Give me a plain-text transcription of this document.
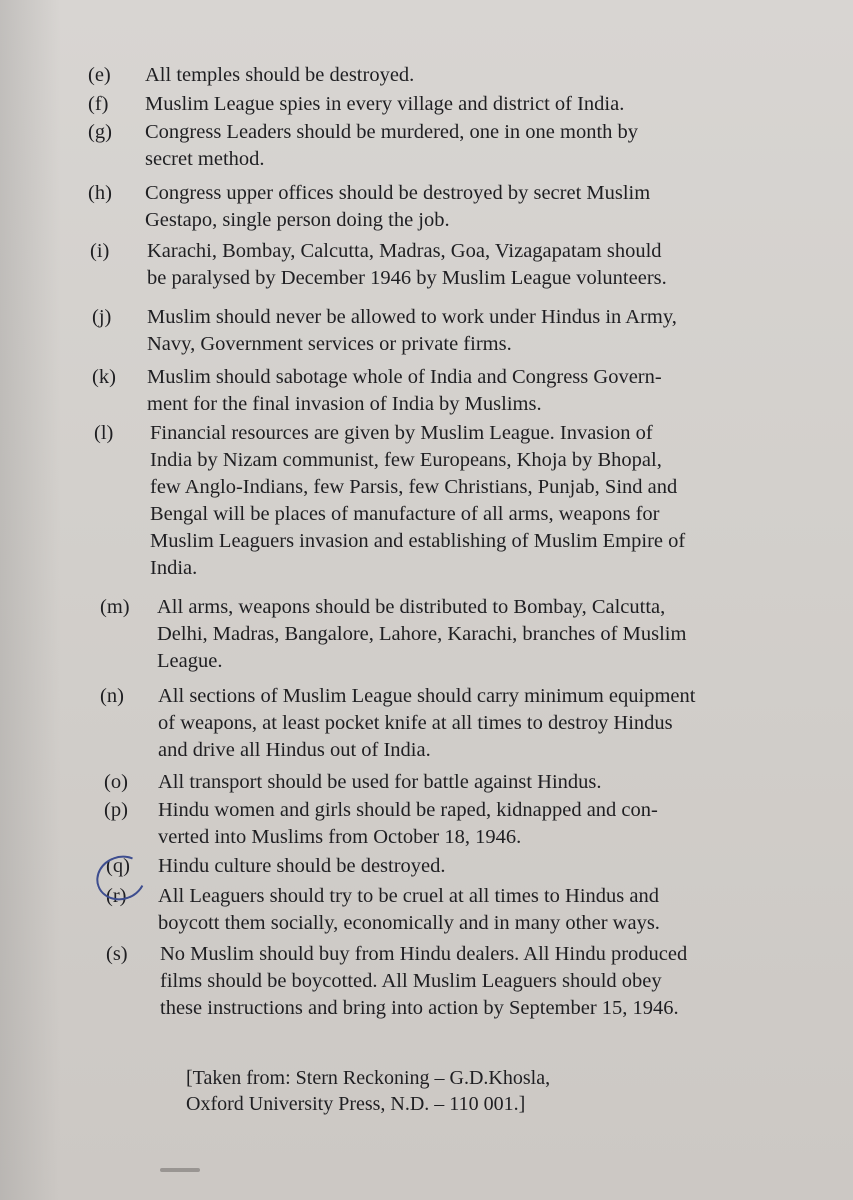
(e) All temples should be destroyed.
(f) Muslim League spies in every village and district of India.
(g) Congress Leaders should be murdered, one in one month by
secret method.
(h) Congress upper offices should be destroyed by secret Muslim
Gestapo, single person doing the job.
(i) Karachi, Bombay, Calcutta, Madras, Goa, Vizagapatam should
be paralysed by December 1946 by Muslim League volunteers.
(j) Muslim should never be allowed to work under Hindus in Army,
Navy, Government services or private firms.
(k) Muslim should sabotage whole of India and Congress Govern-
ment for the final invasion of India by Muslims.
(l) Financial resources are given by Muslim League. Invasion of
India by Nizam communist, few Europeans, Khoja by Bhopal,
few Anglo-Indians, few Parsis, few Christians, Punjab, Sind and
Bengal will be places of manufacture of all arms, weapons for
Muslim Leaguers invasion and establishing of Muslim Empire of
India.
(m) All arms, weapons should be distributed to Bombay, Calcutta,
Delhi, Madras, Bangalore, Lahore, Karachi, branches of Muslim
League.
(n) All sections of Muslim League should carry minimum equipment
of weapons, at least pocket knife at all times to destroy Hindus
and drive all Hindus out of India.
(o) All transport should be used for battle against Hindus.
(p) Hindu women and girls should be raped, kidnapped and con-
verted into Muslims from October 18, 1946.
(q) Hindu culture should be destroyed.
(r) All Leaguers should try to be cruel at all times to Hindus and
boycott them socially, economically and in many other ways.
(s) No Muslim should buy from Hindu dealers. All Hindu produced
films should be boycotted. All Muslim Leaguers should obey
these instructions and bring into action by September 15, 1946.
[Taken from: Stern Reckoning – G.D.Khosla,
Oxford University Press, N.D. – 110 001.]
